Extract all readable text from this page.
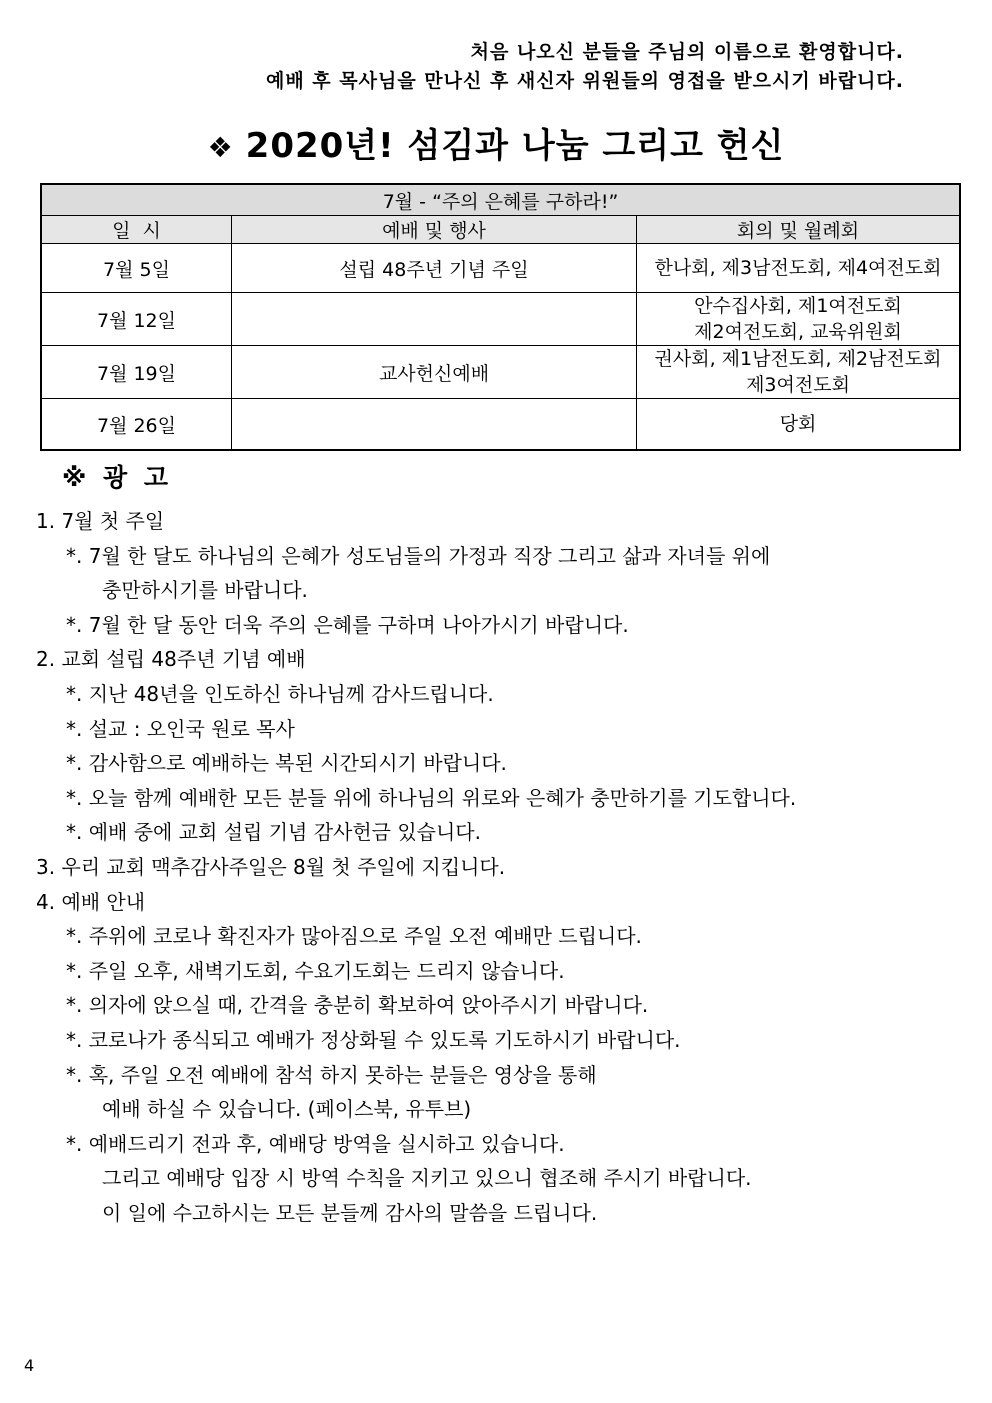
처음 나오신 분들을 주님의 이름으로 환영합니다.
예배 후 목사님을 만나신 후 새신자 위원들의 영접을 받으시기 바랍니다.
❖ 2020년! 섬김과 나눔 그리고 헌신
7월 - “주의 은혜를 구하라!”		
일  시	예배 및 행사	회의 및 월례회
7월 5일	설립 48주년 기념 주일	한나회, 제3남전도회, 제4여전도회

7월 12일		안수집사회, 제1여전도회
제2여전도회, 교육위원회

7월 19일	교사헌신예배	권사회, 제1남전도회, 제2남전도회
제3여전도회

7월 26일		당회
※ 광 고
1. 7월 첫 주일
*. 7월 한 달도 하나님의 은혜가 성도님들의 가정과 직장 그리고 삶과 자녀들 위에
충만하시기를 바랍니다.
*. 7월 한 달 동안 더욱 주의 은혜를 구하며 나아가시기 바랍니다.
2. 교회 설립 48주년 기념 예배
*. 지난 48년을 인도하신 하나님께 감사드립니다.
*. 설교 : 오인국 원로 목사
*. 감사함으로 예배하는 복된 시간되시기 바랍니다.
*. 오늘 함께 예배한 모든 분들 위에 하나님의 위로와 은혜가 충만하기를 기도합니다.
*. 예배 중에 교회 설립 기념 감사헌금 있습니다.
3. 우리 교회 맥추감사주일은 8월 첫 주일에 지킵니다.
4. 예배 안내
*. 주위에 코로나 확진자가 많아짐으로 주일 오전 예배만 드립니다.
*. 주일 오후, 새벽기도회, 수요기도회는 드리지 않습니다.
*. 의자에 앉으실 때, 간격을 충분히 확보하여 앉아주시기 바랍니다.
*. 코로나가 종식되고 예배가 정상화될 수 있도록 기도하시기 바랍니다.
*. 혹, 주일 오전 예배에 참석 하지 못하는 분들은 영상을 통해
예배 하실 수 있습니다. (페이스북, 유투브)
*. 예배드리기 전과 후, 예배당 방역을 실시하고 있습니다.
그리고 예배당 입장 시 방역 수칙을 지키고 있으니 협조해 주시기 바랍니다.
이 일에 수고하시는 모든 분들께 감사의 말씀을 드립니다.
4
